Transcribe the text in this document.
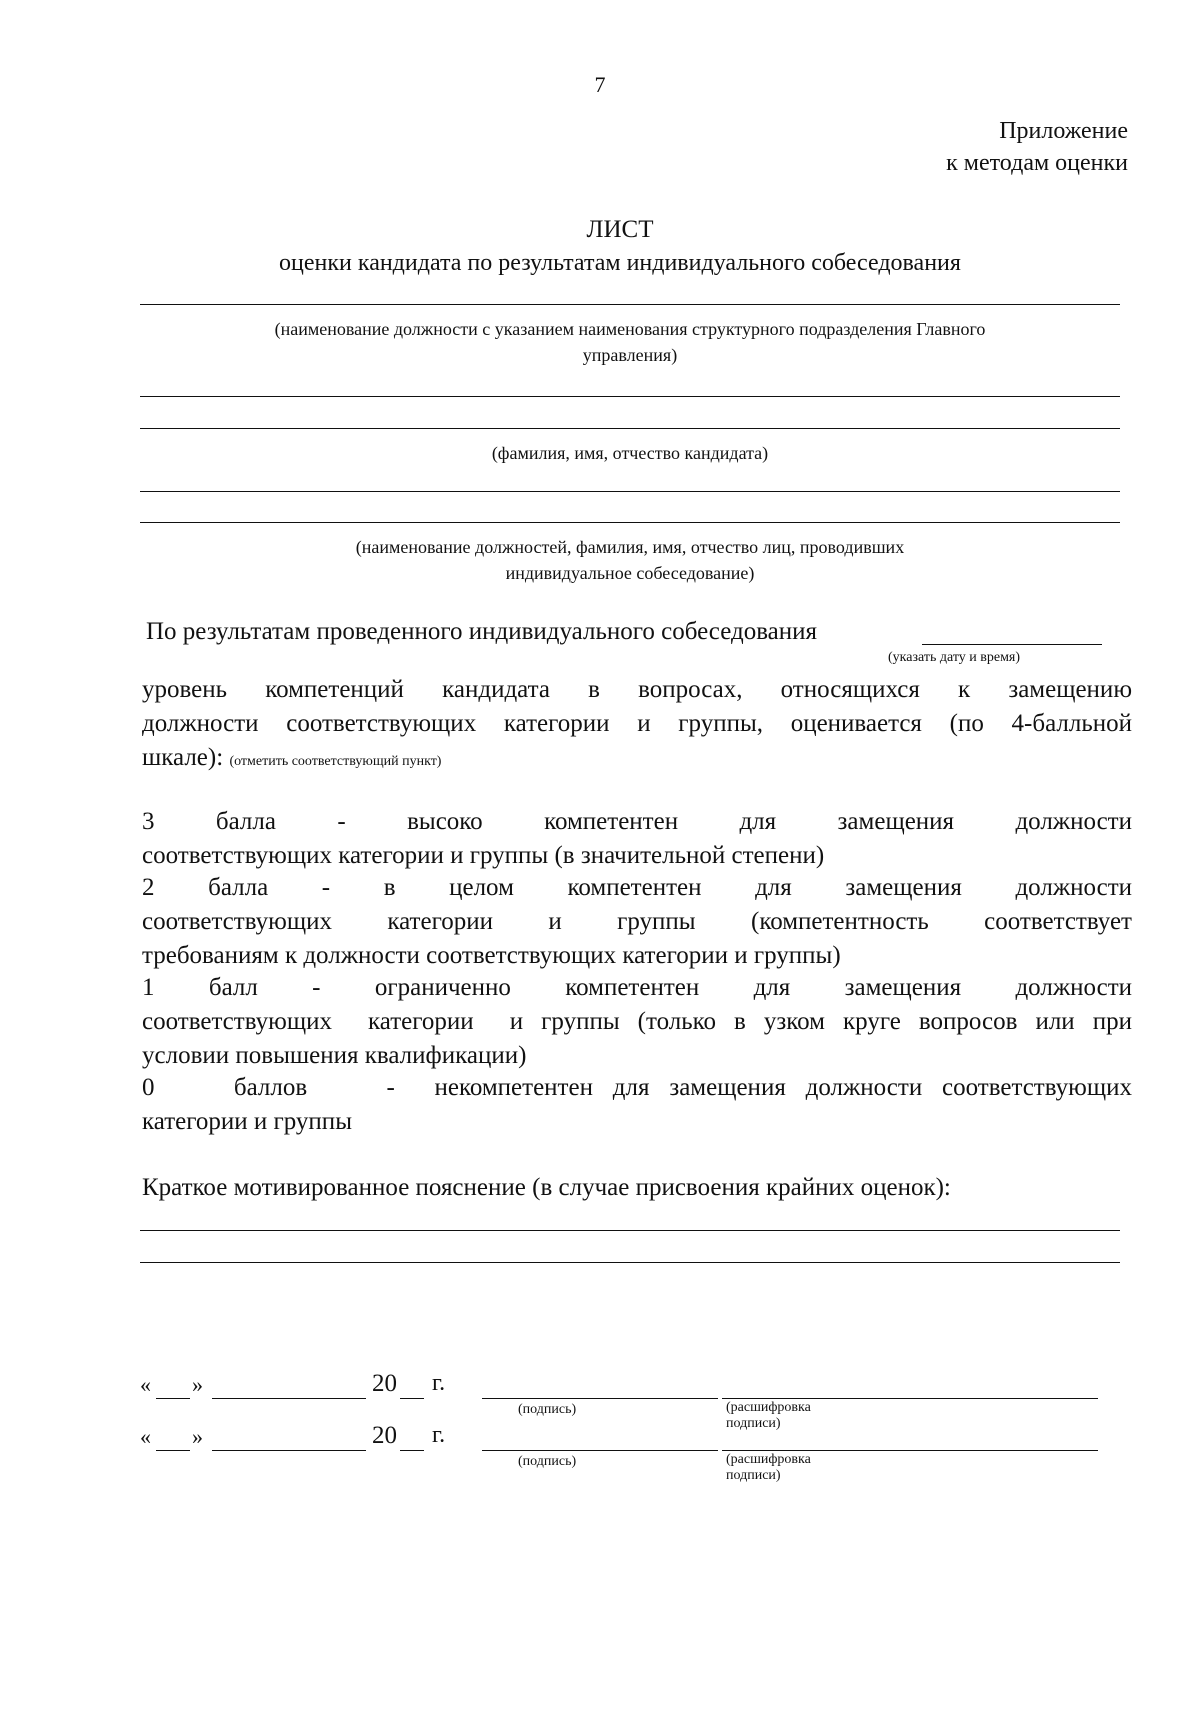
7
Приложение
к методам оценки
ЛИСТ
оценки кандидата по результатам индивидуального собеседования
(наименование должности с указанием наименования структурного подразделения Главного
управления)
(фамилия, имя, отчество кандидата)
(наименование должностей, фамилия, имя, отчество лиц, проводивших
индивидуальное собеседование)
По результатам проведенного индивидуального собеседования
(указать дату и время)
уровень компетенций кандидата в вопросах, относящихся к замещению
должности соответствующих категории и группы, оценивается (по 4-балльной
шкале): (отметить соответствующий пункт)
3    балла    -    высоко    компетентен    для    замещения    должности
соответствующих категории и группы (в значительной степени)
2    балла    -    в    целом    компетентен    для    замещения    должности
соответствующих   категории   и   группы   (компетентность   соответствует
требованиям к должности соответствующих категории и группы)
1    балл    -    ограниченно    компетентен    для    замещения    должности
соответствующих  категории  и группы (только в узком круге вопросов или при
условии повышения квалификации)
0    баллов    -  некомпетентен для замещения должности соответствующих
категории и группы
Краткое мотивированное пояснение (в случае присвоения крайних оценок):
« »	20 г.
(подпись)	(расшифровка подписи)
« »	20 г.
(подпись)	(расшифровка подписи)
